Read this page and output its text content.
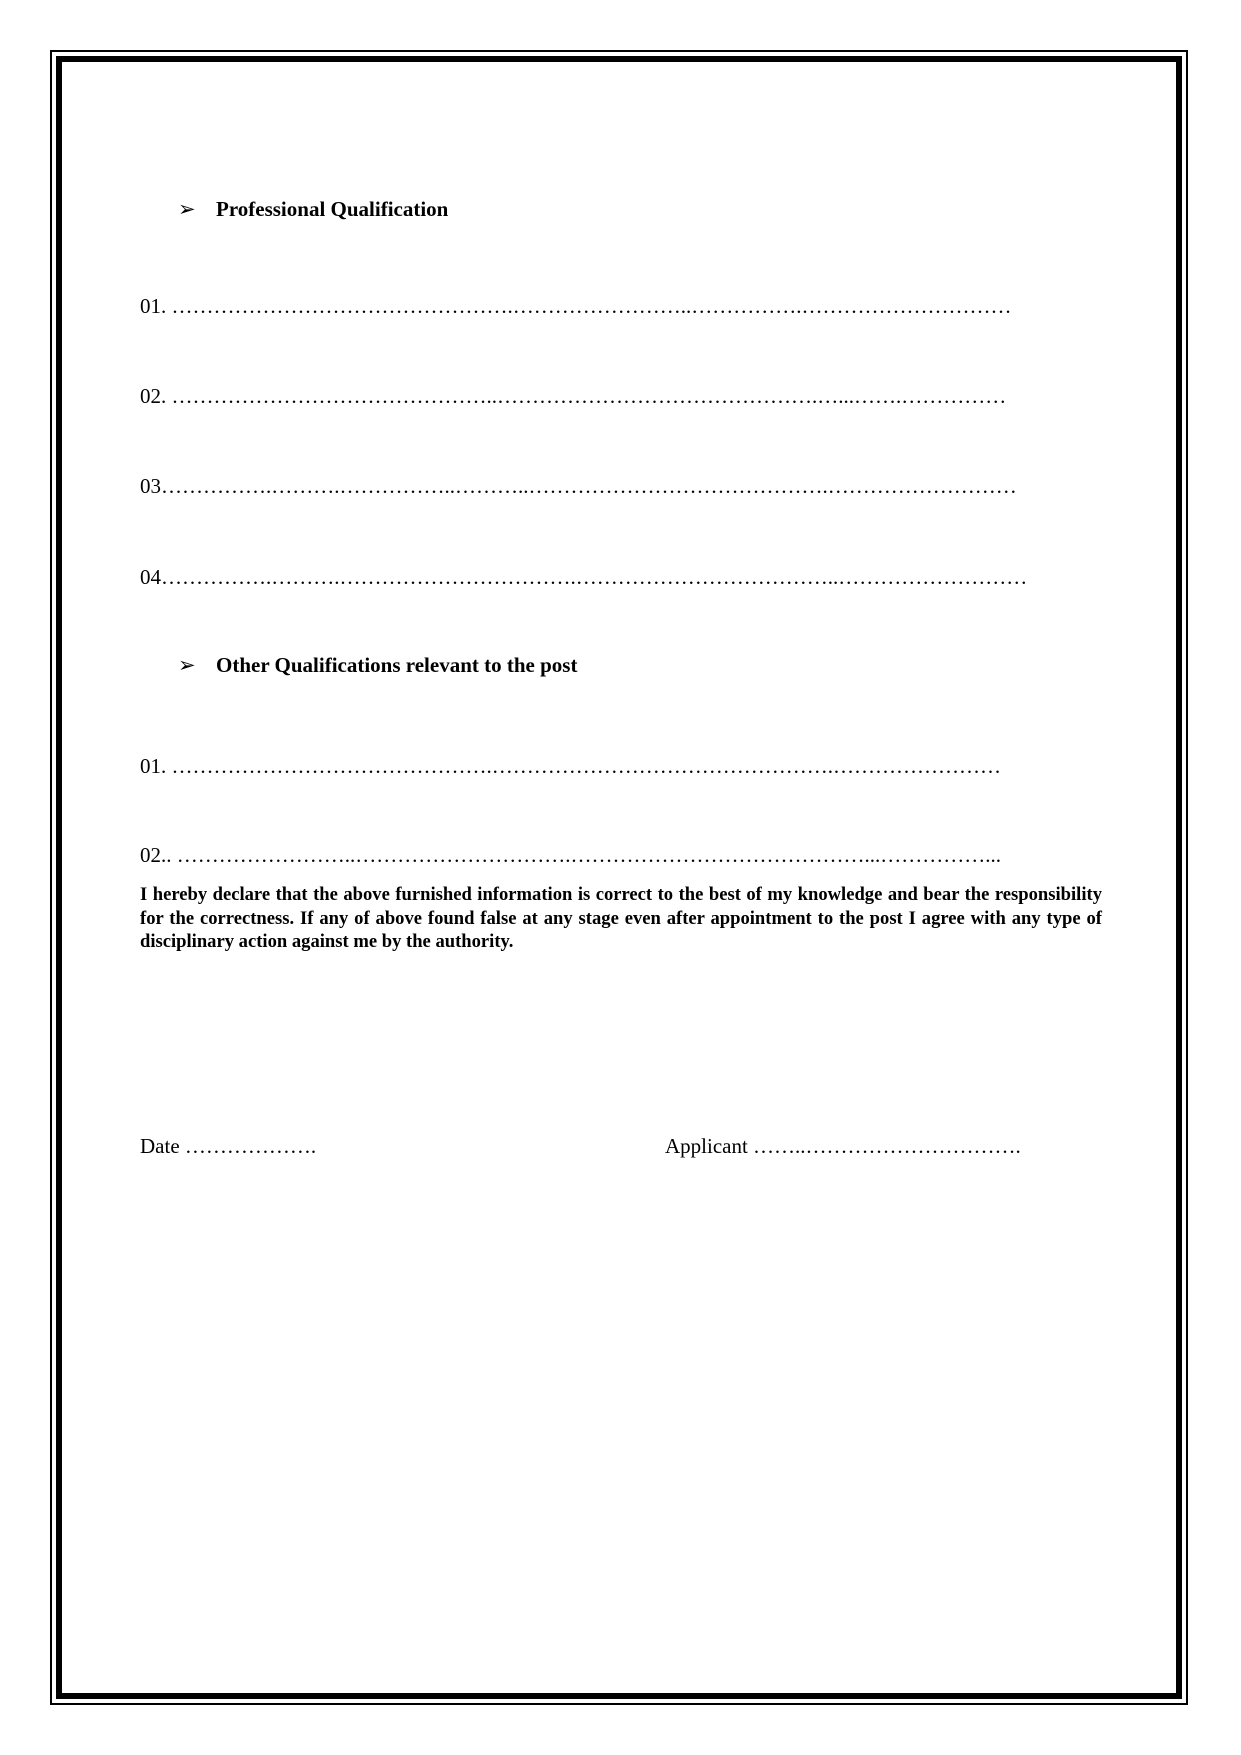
➢ Professional Qualification
01. ………………………………………….……………………..…………….…………………………
02. ………………………………………..……………………………………….…...…….……………
03…………….……….……………..………..…………………………………….………………………
04…………….……….…………………………….………………………………..………………………
➢ Other Qualifications relevant to the post
01. ……………………………………….………………………………………….……………………
02.. ……………………..………………………….……………………………………...……………...
I hereby declare that the above furnished information is correct to the best of my knowledge and bear the responsibility for the correctness. If any of above found false at any stage even after appointment to the post I agree with any type of disciplinary action against me by the authority.
Date ……………….	Applicant ……..………………………….
